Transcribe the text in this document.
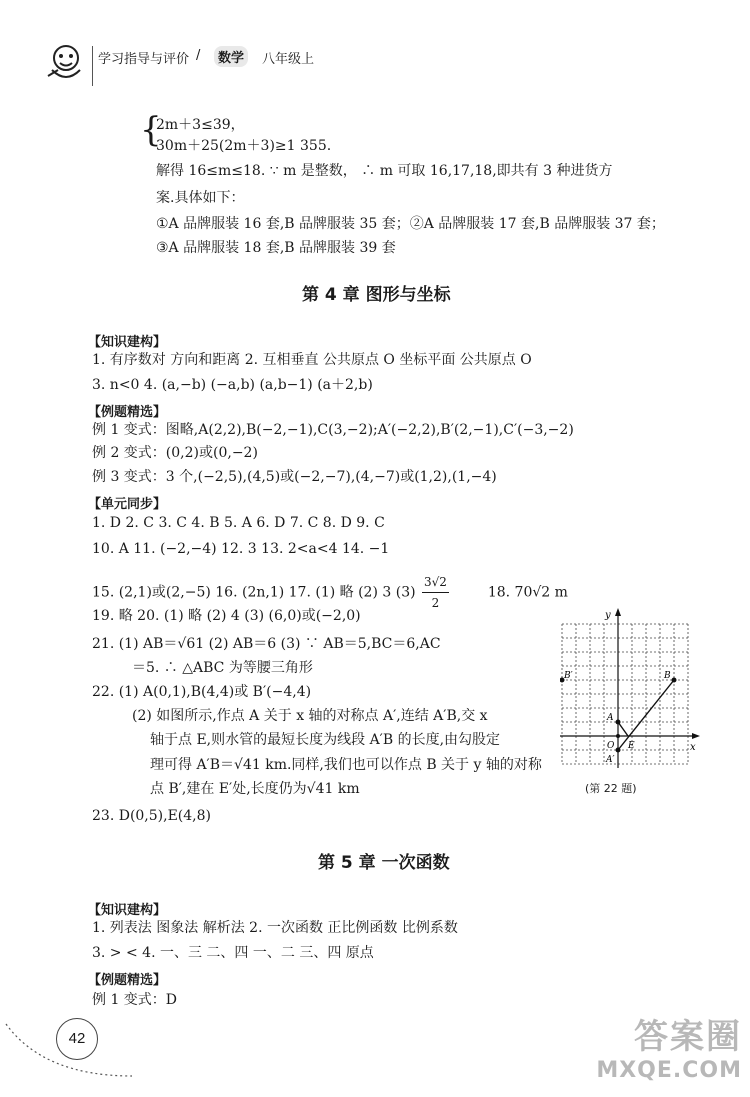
学习指导与评价 /	数学	八年级上
{
2m＋3≤39，
30m＋25(2m＋3)≥1 355.
解得 16≤m≤18. ∵ m 是整数， ∴ m 可取 16,17,18,即共有 3 种进货方
案.具体如下：
①A 品牌服装 16 套,B 品牌服装 35 套；②A 品牌服装 17 套,B 品牌服装 37 套；
③A 品牌服装 18 套,B 品牌服装 39 套
第 4 章 图形与坐标
【知识建构】
1. 有序数对 方向和距离 2. 互相垂直 公共原点 O 坐标平面 公共原点 O
3. n<0 4. (a,−b) (−a,b) (a,b−1) (a＋2,b)
【例题精选】
例 1 变式：图略,A(2,2),B(−2,−1),C(3,−2);A′(−2,2),B′(2,−1),C′(−3,−2)
例 2 变式：(0,2)或(0,−2)
例 3 变式：3 个,(−2,5),(4,5)或(−2,−7),(4,−7)或(1,2),(1,−4)
【单元同步】
1. D 2. C 3. C 4. B 5. A 6. D 7. C 8. D 9. C
10. A 11. (−2,−4) 12. 3 13. 2<a<4 14. −1
15. (2,1)或(2,−5) 16. (2n,1) 17. (1) 略 (2) 3 $(3) \frac{3√2}{2}$	18. 70√2 m
19. 略 20. (1) 略 (2) 4 (3) (6,0)或(−2,0)
21. (1) AB＝√61 (2) AB＝6 (3) ∵ AB＝5,BC＝6,AC
＝5. ∴ △ABC 为等腰三角形
22. (1) A(0,1),B(4,4)或 B′(−4,4)
(2) 如图所示,作点 A 关于 x 轴的对称点 A′,连结 A′B,交 x
轴于点 E,则水管的最短长度为线段 A′B 的长度,由勾股定
理可得 A′B＝√41 km.同样,我们也可以作点 B 关于 y 轴的对称
点 B′,建在 E′处,长度仍为√41 km
23. D(0,5),E(4,8)
y
x
O
A
A′
B
B′
E
(第 22 题)
第 5 章 一次函数
【知识建构】
1. 列表法 图象法 解析法 2. 一次函数 正比例函数 比例系数
3. > < 4. 一、三 二、四 一、二 三、四 原点
【例题精选】
例 1 变式：D
42	答案圈
MXQE.COM
